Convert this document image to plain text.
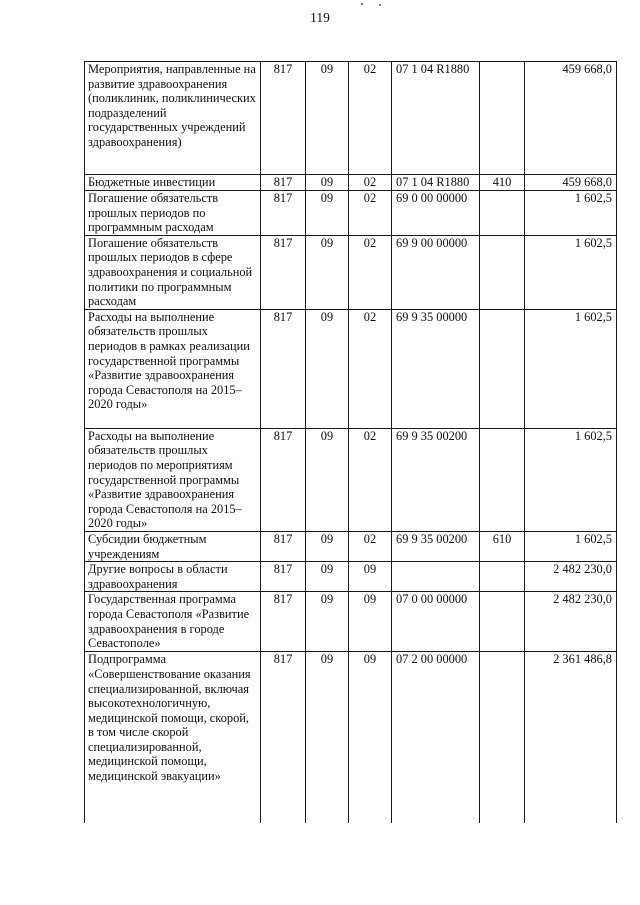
119
Мероприятия, направленные на развитие здравоохранения (поликлиник, поликлинических подразделений государственных учреждений здравоохранения)	817	09	02	07 1 04 R1880		459 668,0
Бюджетные инвестиции	817	09	02	07 1 04 R1880	410	459 668,0
Погашение обязательств прошлых периодов по программным расходам	817	09	02	69 0 00 00000		1 602,5
Погашение обязательств прошлых периодов в сфере здравоохранения и социальной политики по программным расходам	817	09	02	69 9 00 00000		1 602,5
Расходы на выполнение обязательств прошлых периодов в рамках реализации государственной программы «Развитие здравоохранения города Севастополя на 2015–2020 годы»	817	09	02	69 9 35 00000		1 602,5
Расходы на выполнение обязательств прошлых периодов по мероприятиям государственной программы «Развитие здравоохранения города Севастополя на 2015–2020 годы»	817	09	02	69 9 35 00200		1 602,5
Субсидии бюджетным учреждениям	817	09	02	69 9 35 00200	610	1 602,5
Другие вопросы в области здравоохранения	817	09	09			2 482 230,0
Государственная программа города Севастополя «Развитие здравоохранения в городе Севастополе»	817	09	09	07 0 00 00000		2 482 230,0
Подпрограмма «Совершенствование оказания специализированной, включая высокотехнологичную, медицинской помощи, скорой, в том числе скорой специализированной, медицинской помощи, медицинской эвакуации»	817	09	09	07 2 00 00000		2 361 486,8
